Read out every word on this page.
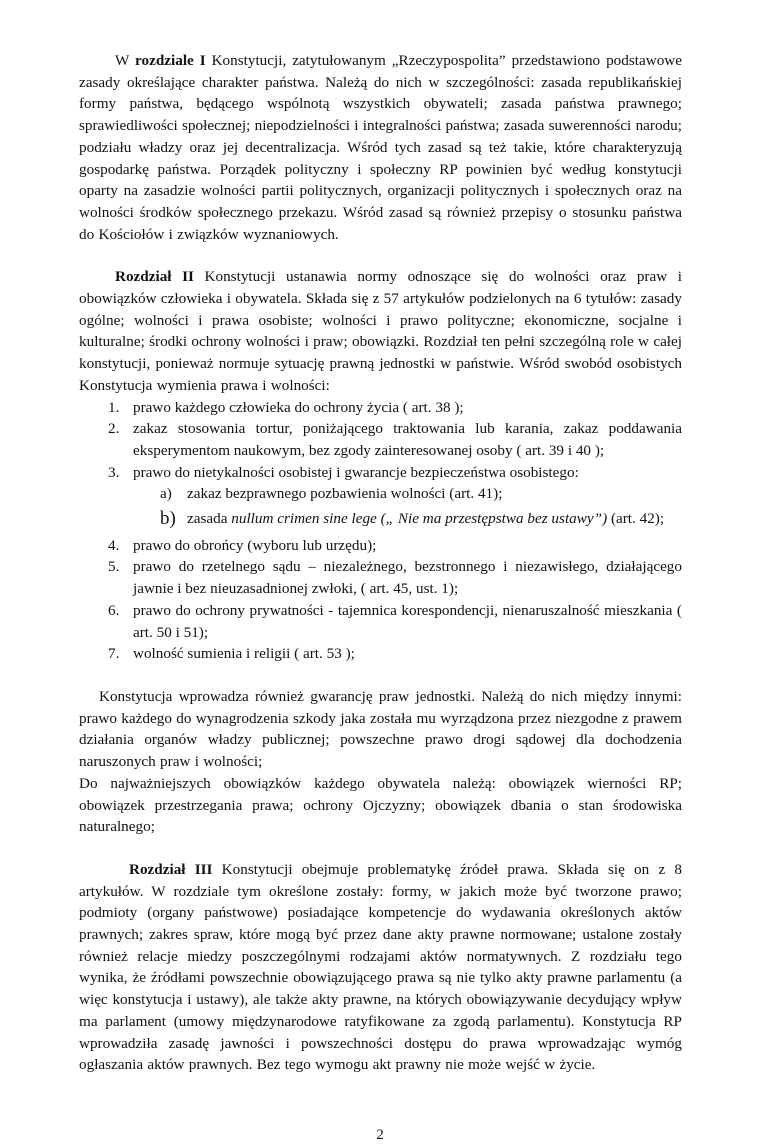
W rozdziale I Konstytucji, zatytułowanym „Rzeczypospolita” przedstawiono podstawowe zasady określające charakter państwa. Należą do nich w szczególności: zasada republikańskiej formy państwa, będącego wspólnotą wszystkich obywateli; zasada państwa prawnego; sprawiedliwości społecznej; niepodzielności i integralności państwa; zasada suwerenności narodu; podziału władzy oraz jej decentralizacja. Wśród tych zasad są też takie, które charakteryzują gospodarkę państwa. Porządek polityczny i społeczny RP powinien być według konstytucji oparty na zasadzie wolności partii politycznych, organizacji politycznych i społecznych oraz na wolności środków społecznego przekazu. Wśród zasad są również przepisy o stosunku państwa do Kościołów i związków wyznaniowych.

Rozdział II Konstytucji ustanawia normy odnoszące się do wolności oraz praw i obowiązków człowieka i obywatela. Składa się z 57 artykułów podzielonych na 6 tytułów: zasady ogólne; wolności i prawa osobiste; wolności i prawo polityczne; ekonomiczne, socjalne i kulturalne; środki ochrony wolności i praw; obowiązki. Rozdział ten pełni szczególną role w całej konstytucji, ponieważ normuje sytuację prawną jednostki w państwie. Wśród swobód osobistych Konstytucja wymienia prawa i wolności:

1. prawo każdego człowieka do ochrony życia ( art. 38 );
2. zakaz stosowania tortur, poniżającego traktowania lub karania, zakaz poddawania eksperymentom naukowym, bez zgody zainteresowanej osoby ( art. 39 i 40 );
3. prawo do nietykalności osobistej i gwarancje bezpieczeństwa osobistego:
a) zakaz bezprawnego pozbawienia wolności (art. 41);
b) zasada nullum crimen sine lege („ Nie ma przestępstwa bez ustawy”) (art. 42);
4. prawo do obrońcy (wyboru lub urzędu);
5. prawo do rzetelnego sądu – niezależnego, bezstronnego i niezawisłego, działającego jawnie i bez nieuzasadnionej zwłoki, ( art. 45, ust. 1);
6. prawo do ochrony prywatności - tajemnica korespondencji, nienaruszalność mieszkania ( art. 50 i 51);
7. wolność sumienia i religii ( art. 53 );

Konstytucja wprowadza również gwarancję praw jednostki. Należą do nich między innymi: prawo każdego do wynagrodzenia szkody jaka została mu wyrządzona przez niezgodne z prawem działania organów władzy publicznej; powszechne prawo drogi sądowej dla dochodzenia naruszonych praw i wolności;

Do najważniejszych obowiązków każdego obywatela należą: obowiązek wierności RP; obowiązek przestrzegania prawa; ochrony Ojczyzny; obowiązek dbania o stan środowiska naturalnego;

Rozdział III Konstytucji obejmuje problematykę źródeł prawa. Składa się on z 8 artykułów. W rozdziale tym określone zostały: formy, w jakich może być tworzone prawo; podmioty (organy państwowe) posiadające kompetencje do wydawania określonych aktów prawnych; zakres spraw, które mogą być przez dane akty prawne normowane; ustalone zostały również relacje miedzy poszczególnymi rodzajami aktów normatywnych. Z rozdziału tego wynika, że źródłami powszechnie obowiązującego prawa są nie tylko akty prawne parlamentu (a więc konstytucja i ustawy), ale także akty prawne, na których obowiązywanie decydujący wpływ ma parlament (umowy międzynarodowe ratyfikowane za zgodą parlamentu). Konstytucja RP wprowadziła zasadę jawności i powszechności dostępu do prawa wprowadzając wymóg ogłaszania aktów prawnych. Bez tego wymogu akt prawny nie może wejść w życie.

2
